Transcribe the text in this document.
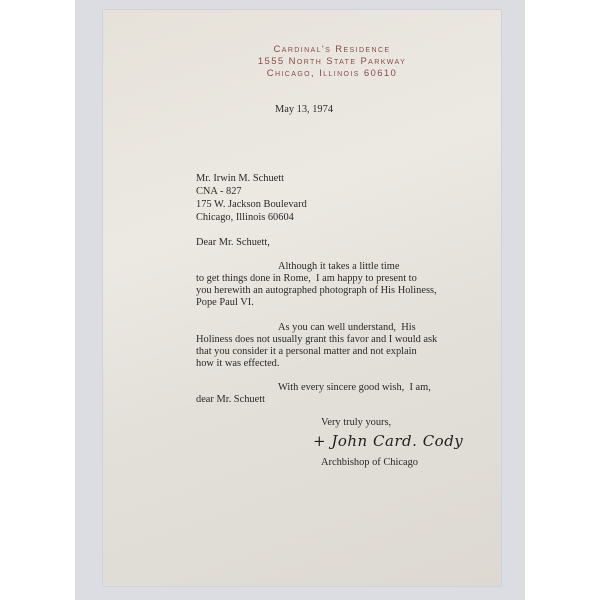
Cardinal's Residence
1555 North State Parkway
Chicago, Illinois 60610
May 13, 1974
Mr. Irwin M. Schuett
CNA - 827
175 W. Jackson Boulevard
Chicago, Illinois 60604
Dear Mr. Schuett,
Although it takes a little time
to get things done in Rome,  I am happy to present to
you herewith an autographed photograph of His Holiness,
Pope Paul VI.
As you can well understand,  His
Holiness does not usually grant this favor and I would ask
that you consider it a personal matter and not explain
how it was effected.
With every sincere good wish,  I am,
dear Mr. Schuett
Very truly yours,
+ John Card. Cody
Archbishop of Chicago
